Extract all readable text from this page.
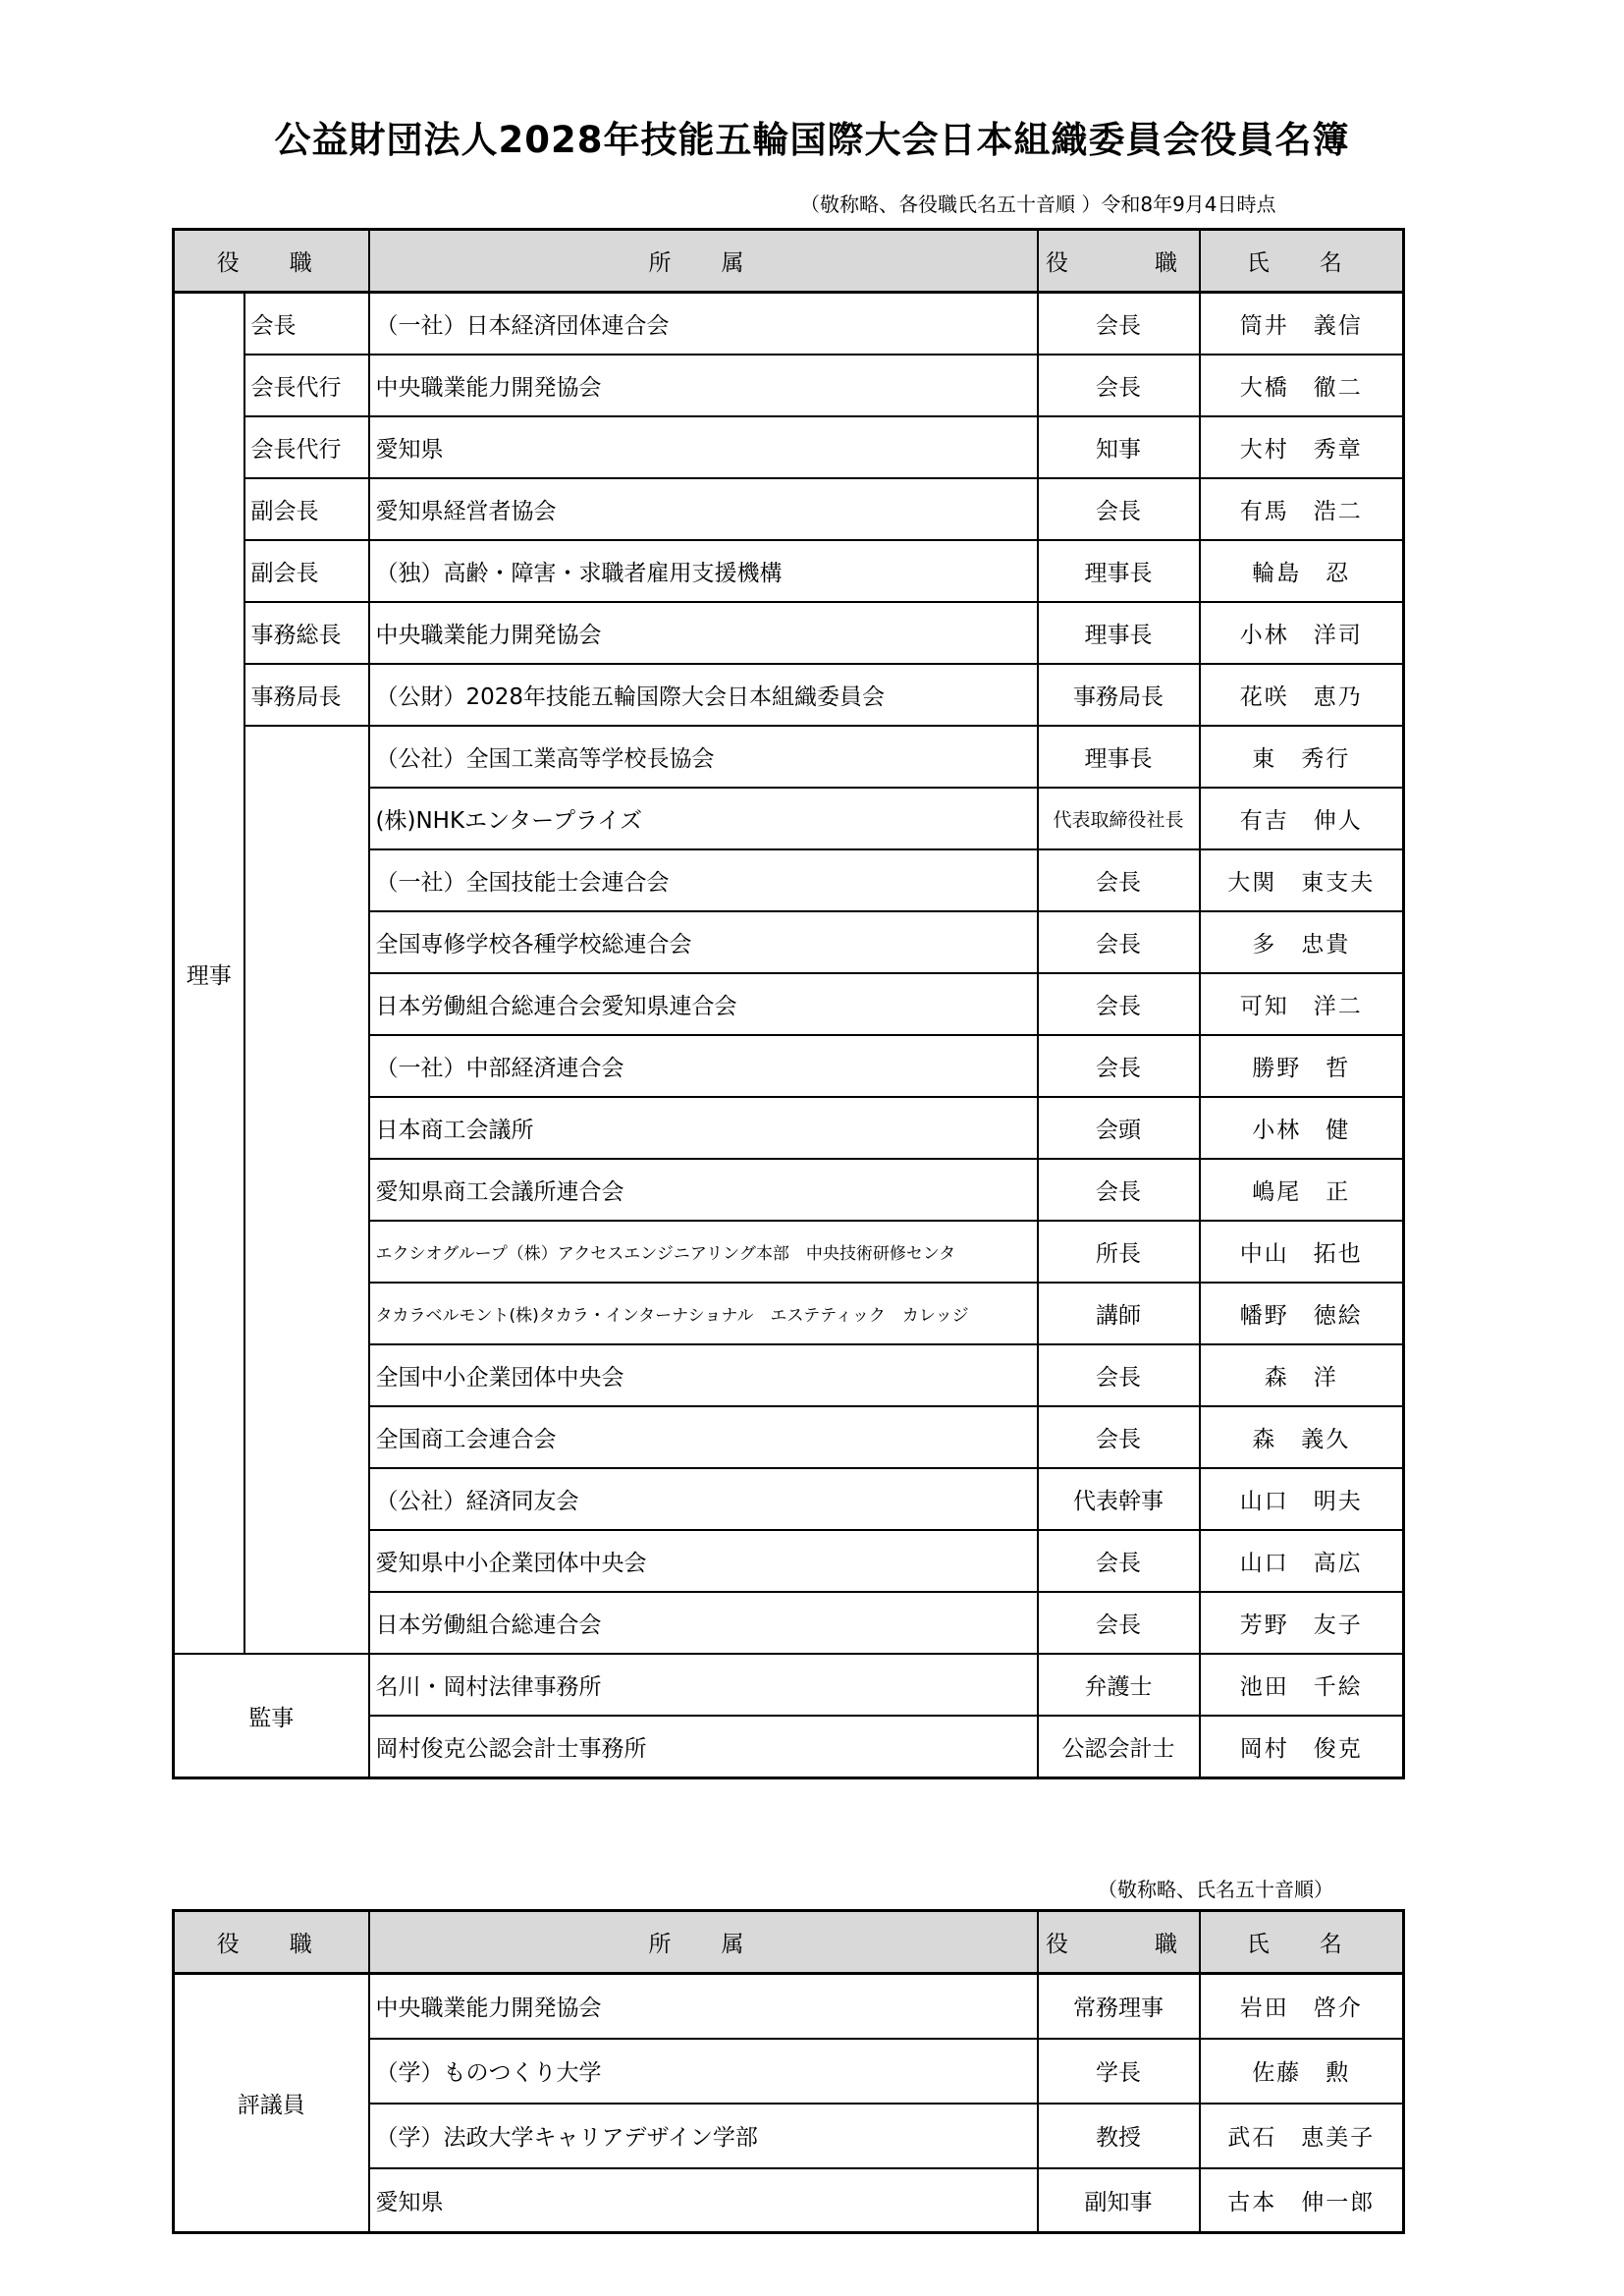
公益財団法人2028年技能五輪国際大会日本組織委員会役員名簿
（敬称略、各役職氏名五十音順 ）令和8年9月4日時点
役　職		所　属	役　　職	氏　名
理事	会長	（一社）日本経済団体連合会	会長	筒井　義信
	会長代行	中央職業能力開発協会	会長	大橋　徹二
	会長代行	愛知県	知事	大村　秀章
	副会長	愛知県経営者協会	会長	有馬　浩二
	副会長	（独）高齢・障害・求職者雇用支援機構	理事長	輪島　忍
	事務総長	中央職業能力開発協会	理事長	小林　洋司
	事務局長	（公財）2028年技能五輪国際大会日本組織委員会	事務局長	花咲　恵乃
		（公社）全国工業高等学校長協会	理事長	東　秀行
		(株)NHKエンタープライズ	代表取締役社長	有吉　伸人
		（一社）全国技能士会連合会	会長	大関　東支夫
		全国専修学校各種学校総連合会	会長	多　忠貴
		日本労働組合総連合会愛知県連合会	会長	可知　洋二
		（一社）中部経済連合会	会長	勝野　哲
		日本商工会議所	会頭	小林　健
		愛知県商工会議所連合会	会長	嶋尾　正
		エクシオグループ（株）アクセスエンジニアリング本部　中央技術研修センタ	所長	中山　拓也
		タカラベルモント(株)タカラ・インターナショナル　エステティック　カレッジ	講師	幡野　徳絵
		全国中小企業団体中央会	会長	森　洋
		全国商工会連合会	会長	森　義久
		（公社）経済同友会	代表幹事	山口　明夫
		愛知県中小企業団体中央会	会長	山口　高広
		日本労働組合総連合会	会長	芳野　友子
監事		名川・岡村法律事務所	弁護士	池田　千絵
		岡村俊克公認会計士事務所	公認会計士	岡村　俊克
（敬称略、氏名五十音順）
役　職	所　属	役　　職	氏　名
評議員	中央職業能力開発協会	常務理事	岩田　啓介
	（学）ものつくり大学	学長	佐藤　勲
	（学）法政大学キャリアデザイン学部	教授	武石　恵美子
	愛知県	副知事	古本　伸一郎
